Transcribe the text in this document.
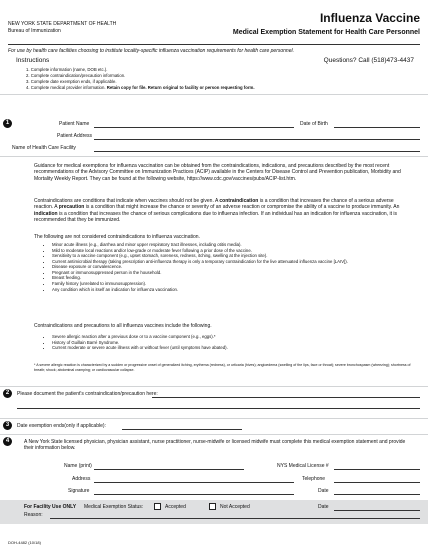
NEW YORK STATE DEPARTMENT OF HEALTH
Bureau of Immunization
Influenza Vaccine
Medical Exemption Statement for Health Care Personnel
For use by health care facilities choosing to institute locality-specific influenza vaccination requirements for health care personnel.
Instructions	Questions? Call (518)473-4437
1. Complete information (name, DOB etc.).
2. Complete contraindication/precaution information.
3. Complete date exemption ends, if applicable.
4. Complete medical provider information. Retain copy for file. Return original to facility or person requesting form.
1	Patient Name	Date of Birth
Patient Address
Name of Health Care Facility
Guidance for medical exemptions for influenza vaccination can be obtained from the contraindications, indications, and precautions described by the most recent recommendations of the Advisory Committee on Immunization Practices (ACIP) available in the Centers for Disease Control and Prevention publication, Morbidity and Mortality Weekly Report. They can be found at the following website, https://www.cdc.gov/vaccines/pubs/ACIP-list.htm.
Contraindications are conditions that indicate when vaccines should not be given. A contraindication is a condition that increases the chance of a serious adverse reaction. A precaution is a condition that might increase the chance or severity of an adverse reaction or compromise the ability of a vaccine to produce immunity. An indication is a condition that increases the chance of serious complications due to influenza infection. If an individual has an indication for influenza vaccination, it is recommended that they be immunized.
The following are not considered contraindications to influenza vaccination.
• Minor acute illness (e.g., diarrhea and minor upper respiratory tract illnesses, including otitis media).
• Mild to moderate local reactions and/or low-grade or moderate fever following a prior dose of the vaccine.
• Sensitivity to a vaccine component (e.g., upset stomach, soreness, redness, itching, swelling at the injection site).
• Current antimicrobial therapy (taking prescription anti-influenza therapy is only a temporary contraindication for the live attenuated influenza vaccine [LAIV]).
• Disease exposure or convalescence.
• Pregnant or immunosuppressed person in the household.
• Breast feeding.
• Family history (unrelated to immunosuppression).
• Any condition which is itself an indication for influenza vaccination.
Contraindications and precautions to all influenza vaccines include the following.
• Severe allergic reaction after a previous dose or to a vaccine component (e.g., eggs).*
• History of Guillain Barré Syndrome.
• Current moderate or severe acute illness with or without fever (until symptoms have abated).
* A severe allergic reaction is characterized by a sudden or progressive onset of generalized itching, erythema (redness), or urticaria (hives); angioedema (swelling of the lips, face or throat); severe bronchospasm (wheezing); shortness of breath; shock; abdominal cramping; or cardiovascular collapse.
2	Please document the patient's contraindication/precaution here:
3	Date exemption ends(only if applicable):
4	A New York State licensed physician, physician assistant, nurse practitioner, nurse-midwife or licensed midwife must complete this medical exemption statement and provide their information below.
Name (print)	NYS Medical License #
Address	Telephone
Signature	Date
For Facility Use ONLY Medical Exemption Status:	Accepted	Not Accepted	Date
Reason:
DOH-4482 (10/18)
